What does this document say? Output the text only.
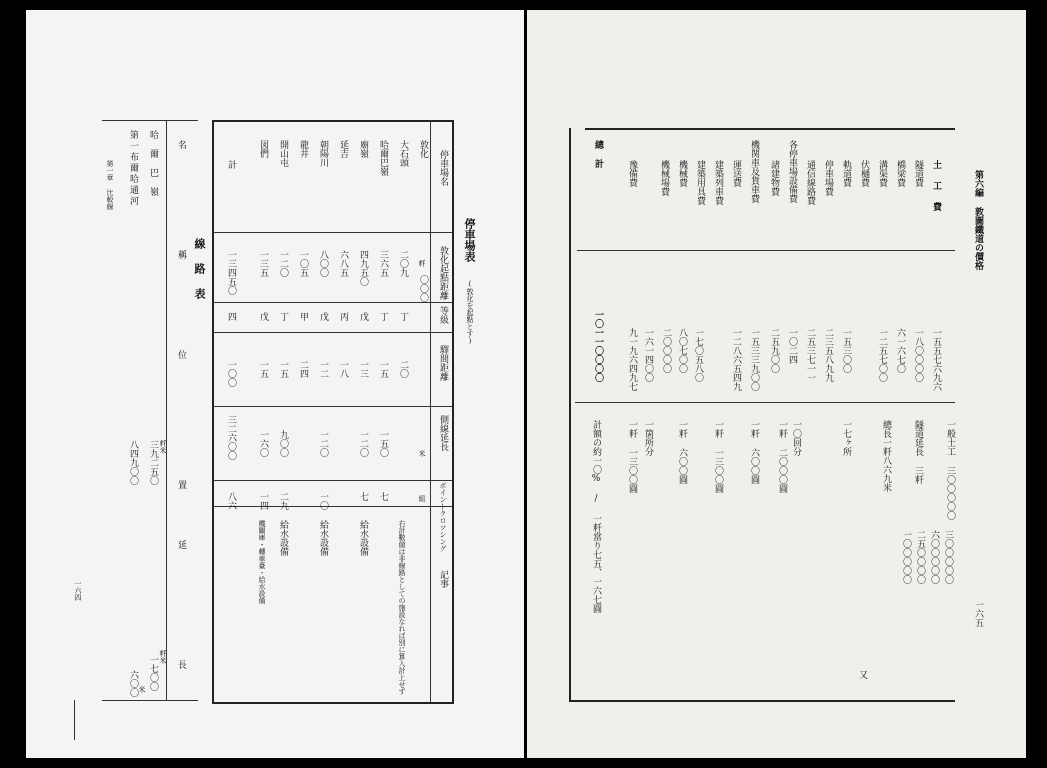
停車場表
(敦化を起點とす)
停車場名
敦化起點距離
等級
驛間距離
側線延長
ポイントクロツシング
記事
粁
米
組
敦化
〇〇〇
大石頭
二〇九
丁
二〇
哈爾巴嶺
三六五
丁
一五
一五〇
七
廟嶺
四九五〇
戊
一三
一二〇
七
給水設備
延吉
六八五
丙
一八
朝陽川
八〇〇
戊
一二
一二〇
一〇
給水設備
龍井
一〇五
甲
二四
開山屯
一二〇
丁
一五
九〇〇
二九
給水設備
図們
一三五
戊
一五
一六〇
一四
機關庫・轉車臺・給水設備
計
一三四五〇
四
一〇〇
三二六〇〇
八六
右計數値は非線路としての施設なれば別に算入計上せず
線路表
名
稱
位
置
延
長
哈爾巴嶺
三九二五〇 粁米
一七〇〇 粁米
第一布爾哈通河
八四九〇〇
六〇〇 米
第一章 比較線
一六四
第六編 敦圖鐵道の價格
一六五
土工費
一五五七六九六
一般土工 三〇〇〇〇〇
隧道費
一八〇〇〇〇
隧道延長 三粁
橋梁費
六一六七〇
總長一粁八六九米
溝渠費
一二五七〇〇
伏樋費
軌道費
一五三〇〇
一七ヶ所
停車場費
二三五八九九
一粁 二〇〇〇圓
通信線路費
二五三七一一
各停車場設備費
一〇二四
一〇回分
諸建物費
二五九〇〇
機関車及貨車費
一五三三九〇〇
一粁 六〇〇圓
運送費
一二八六五四九
一粁 一三〇〇圓
建築列車費
一七〇五八〇
建築用具費
八〇七〇〇
一粁 六〇〇圓
機械費
二〇〇〇〇
機械場費
一六一四〇〇
一箇所分
豫備費
九一九六四九七
一粁 一三〇〇圓
總計
一〇一一〇〇〇〇
計額の約一〇% / 一粁當り七五、一六七圓	三〇〇〇〇〇
六〇〇〇〇〇
二五〇〇〇〇
一〇〇〇〇〇
又
